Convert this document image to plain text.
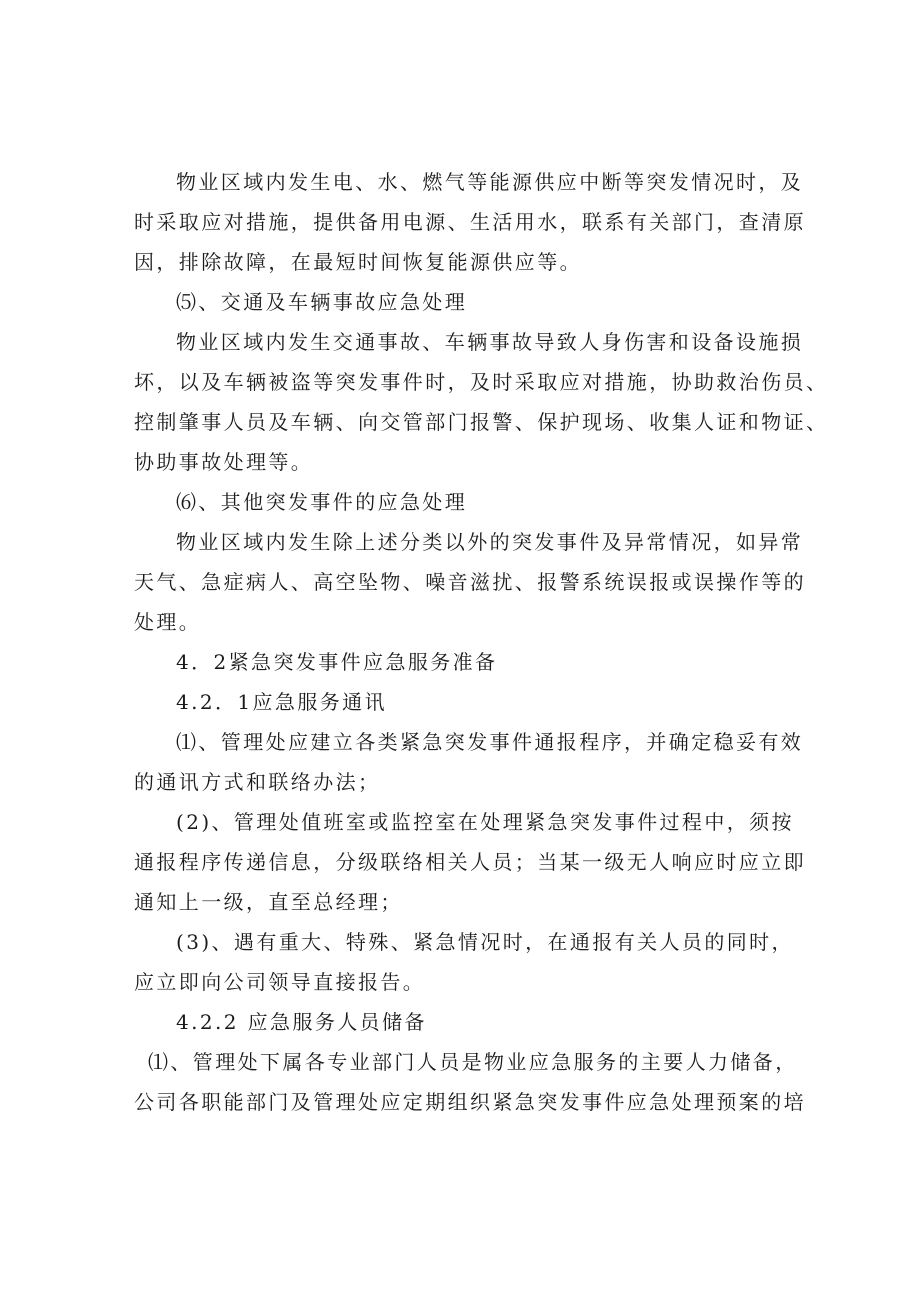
物业区域内发生电、水、燃气等能源供应中断等突发情况时，及
时采取应对措施，提供备用电源、生活用水，联系有关部门，查清原
因，排除故障，在最短时间恢复能源供应等。
⑸、交通及车辆事故应急处理
物业区域内发生交通事故、车辆事故导致人身伤害和设备设施损
坏，以及车辆被盗等突发事件时，及时采取应对措施，协助救治伤员、
控制肇事人员及车辆、向交管部门报警、保护现场、收集人证和物证、
协助事故处理等。
⑹、其他突发事件的应急处理
物业区域内发生除上述分类以外的突发事件及异常情况，如异常
天气、急症病人、高空坠物、噪音滋扰、报警系统误报或误操作等的
处理。
4．2紧急突发事件应急服务准备
4.2．1应急服务通讯
⑴、管理处应建立各类紧急突发事件通报程序，并确定稳妥有效
的通讯方式和联络办法；
(2)、管理处值班室或监控室在处理紧急突发事件过程中，须按
通报程序传递信息，分级联络相关人员；当某一级无人响应时应立即
通知上一级，直至总经理；
(3)、遇有重大、特殊、紧急情况时，在通报有关人员的同时，
应立即向公司领导直接报告。
4.2.2 应急服务人员储备
⑴、管理处下属各专业部门人员是物业应急服务的主要人力储备，
公司各职能部门及管理处应定期组织紧急突发事件应急处理预案的培
